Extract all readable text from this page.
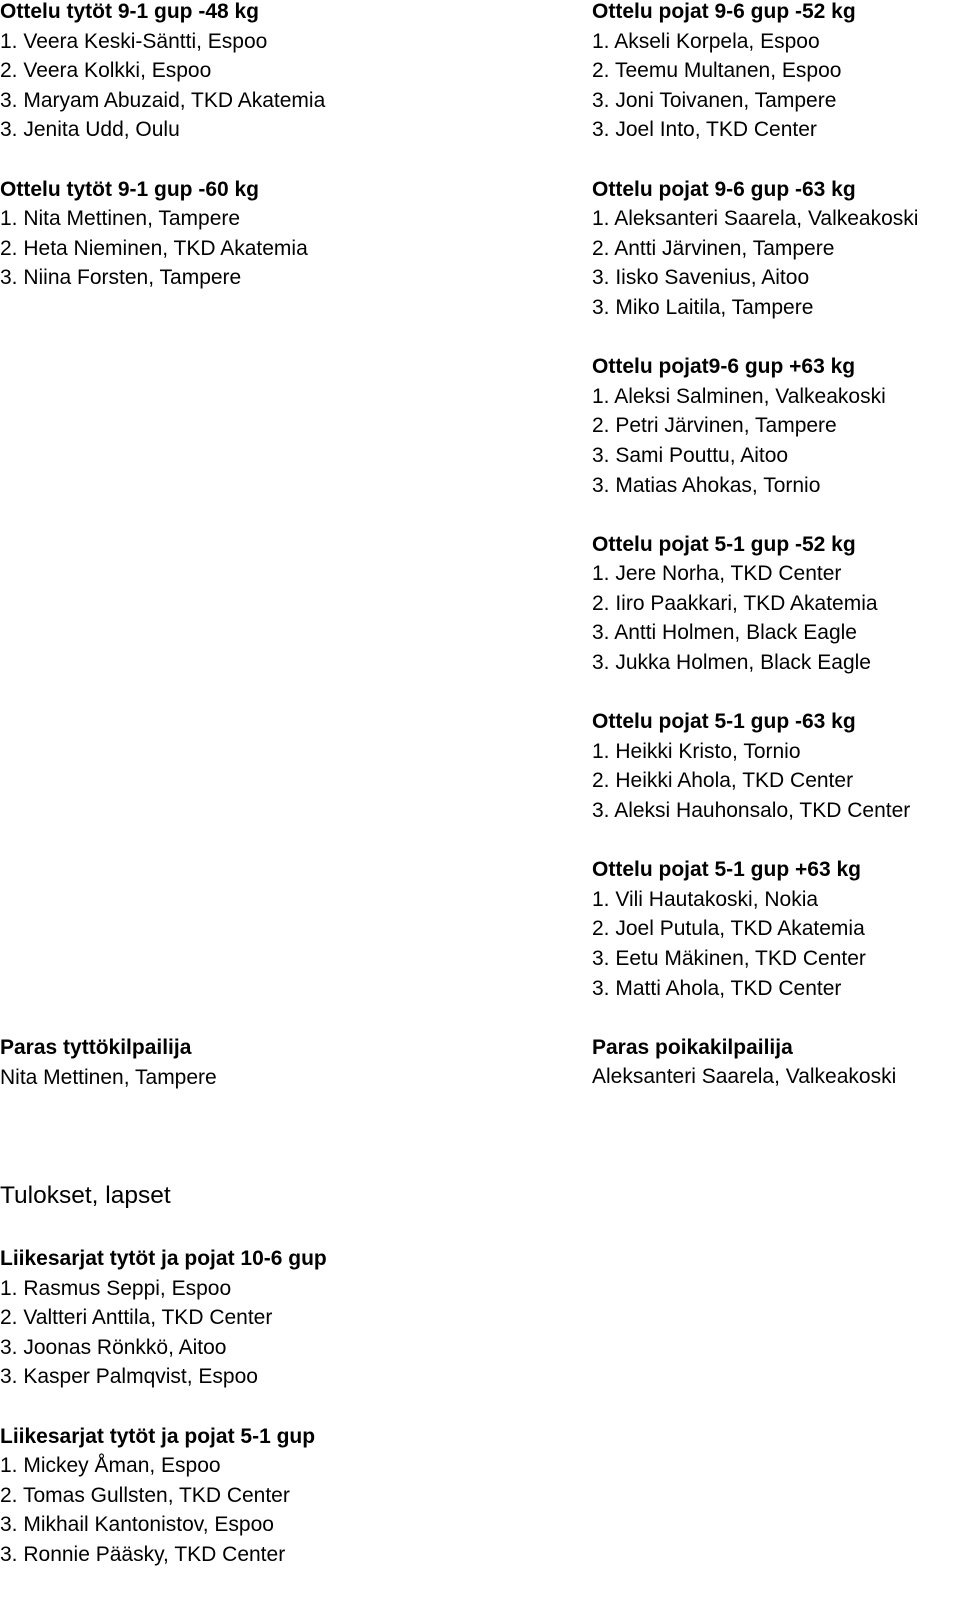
Ottelu tytöt 9-1 gup -48 kg
1. Veera Keski-Säntti, Espoo
2. Veera Kolkki, Espoo
3. Maryam Abuzaid, TKD Akatemia
3. Jenita Udd, Oulu
Ottelu tytöt 9-1 gup -60 kg
1. Nita Mettinen, Tampere
2. Heta Nieminen, TKD Akatemia
3. Niina Forsten, Tampere
Paras tyttökilpailija
Nita Mettinen, Tampere
Ottelu pojat 9-6 gup -52 kg
1. Akseli Korpela, Espoo
2. Teemu Multanen, Espoo
3. Joni Toivanen, Tampere
3. Joel Into, TKD Center
Ottelu pojat 9-6 gup -63 kg
1. Aleksanteri Saarela, Valkeakoski
2. Antti Järvinen, Tampere
3. Iisko Savenius, Aitoo
3. Miko Laitila, Tampere
Ottelu pojat9-6 gup +63 kg
1. Aleksi Salminen, Valkeakoski
2. Petri Järvinen, Tampere
3. Sami Pouttu, Aitoo
3. Matias Ahokas, Tornio
Ottelu pojat 5-1 gup -52 kg
1. Jere Norha, TKD Center
2. Iiro Paakkari, TKD Akatemia
3. Antti Holmen, Black Eagle
3. Jukka Holmen, Black Eagle
Ottelu pojat 5-1 gup -63 kg
1. Heikki Kristo, Tornio
2. Heikki Ahola, TKD Center
3. Aleksi Hauhonsalo, TKD Center
Ottelu pojat 5-1 gup +63 kg
1. Vili Hautakoski, Nokia
2. Joel Putula, TKD Akatemia
3. Eetu Mäkinen, TKD Center
3. Matti Ahola, TKD Center
Paras poikakilpailija
Aleksanteri Saarela, Valkeakoski
Tulokset, lapset
Liikesarjat tytöt ja pojat 10-6 gup
1. Rasmus Seppi, Espoo
2. Valtteri Anttila, TKD Center
3. Joonas Rönkkö, Aitoo
3. Kasper Palmqvist, Espoo
Liikesarjat tytöt ja pojat 5-1 gup
1. Mickey Åman, Espoo
2. Tomas Gullsten, TKD Center
3. Mikhail Kantonistov, Espoo
3. Ronnie Pääsky, TKD Center
